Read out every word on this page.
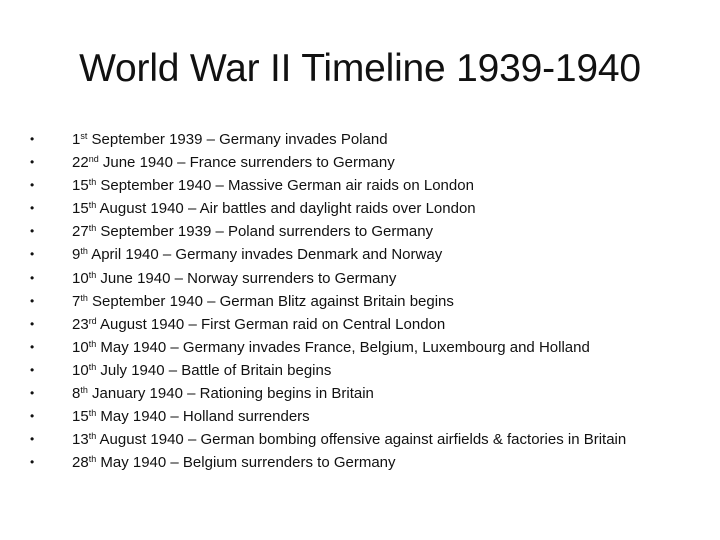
World War II Timeline 1939-1940
•	1st September 1939 – Germany invades Poland
•	22nd June 1940 – France surrenders to Germany
•	15th September 1940 – Massive German air raids on London
•	15th August 1940 – Air battles and daylight raids over London
•	27th September 1939 – Poland surrenders to Germany
•	9th April 1940 – Germany invades Denmark and Norway
•	10th June 1940 – Norway surrenders to Germany
•	7th September 1940 – German Blitz against Britain begins
•	23rd August 1940 – First German raid on Central London
•	10th May 1940 – Germany invades France, Belgium, Luxembourg and Holland
•	10th July 1940 – Battle of Britain begins
•	8th January 1940 – Rationing begins in Britain
•	15th May 1940 – Holland surrenders
•	13th August 1940 – German bombing offensive against airfields & factories in Britain
•	28th May 1940 – Belgium surrenders to Germany
